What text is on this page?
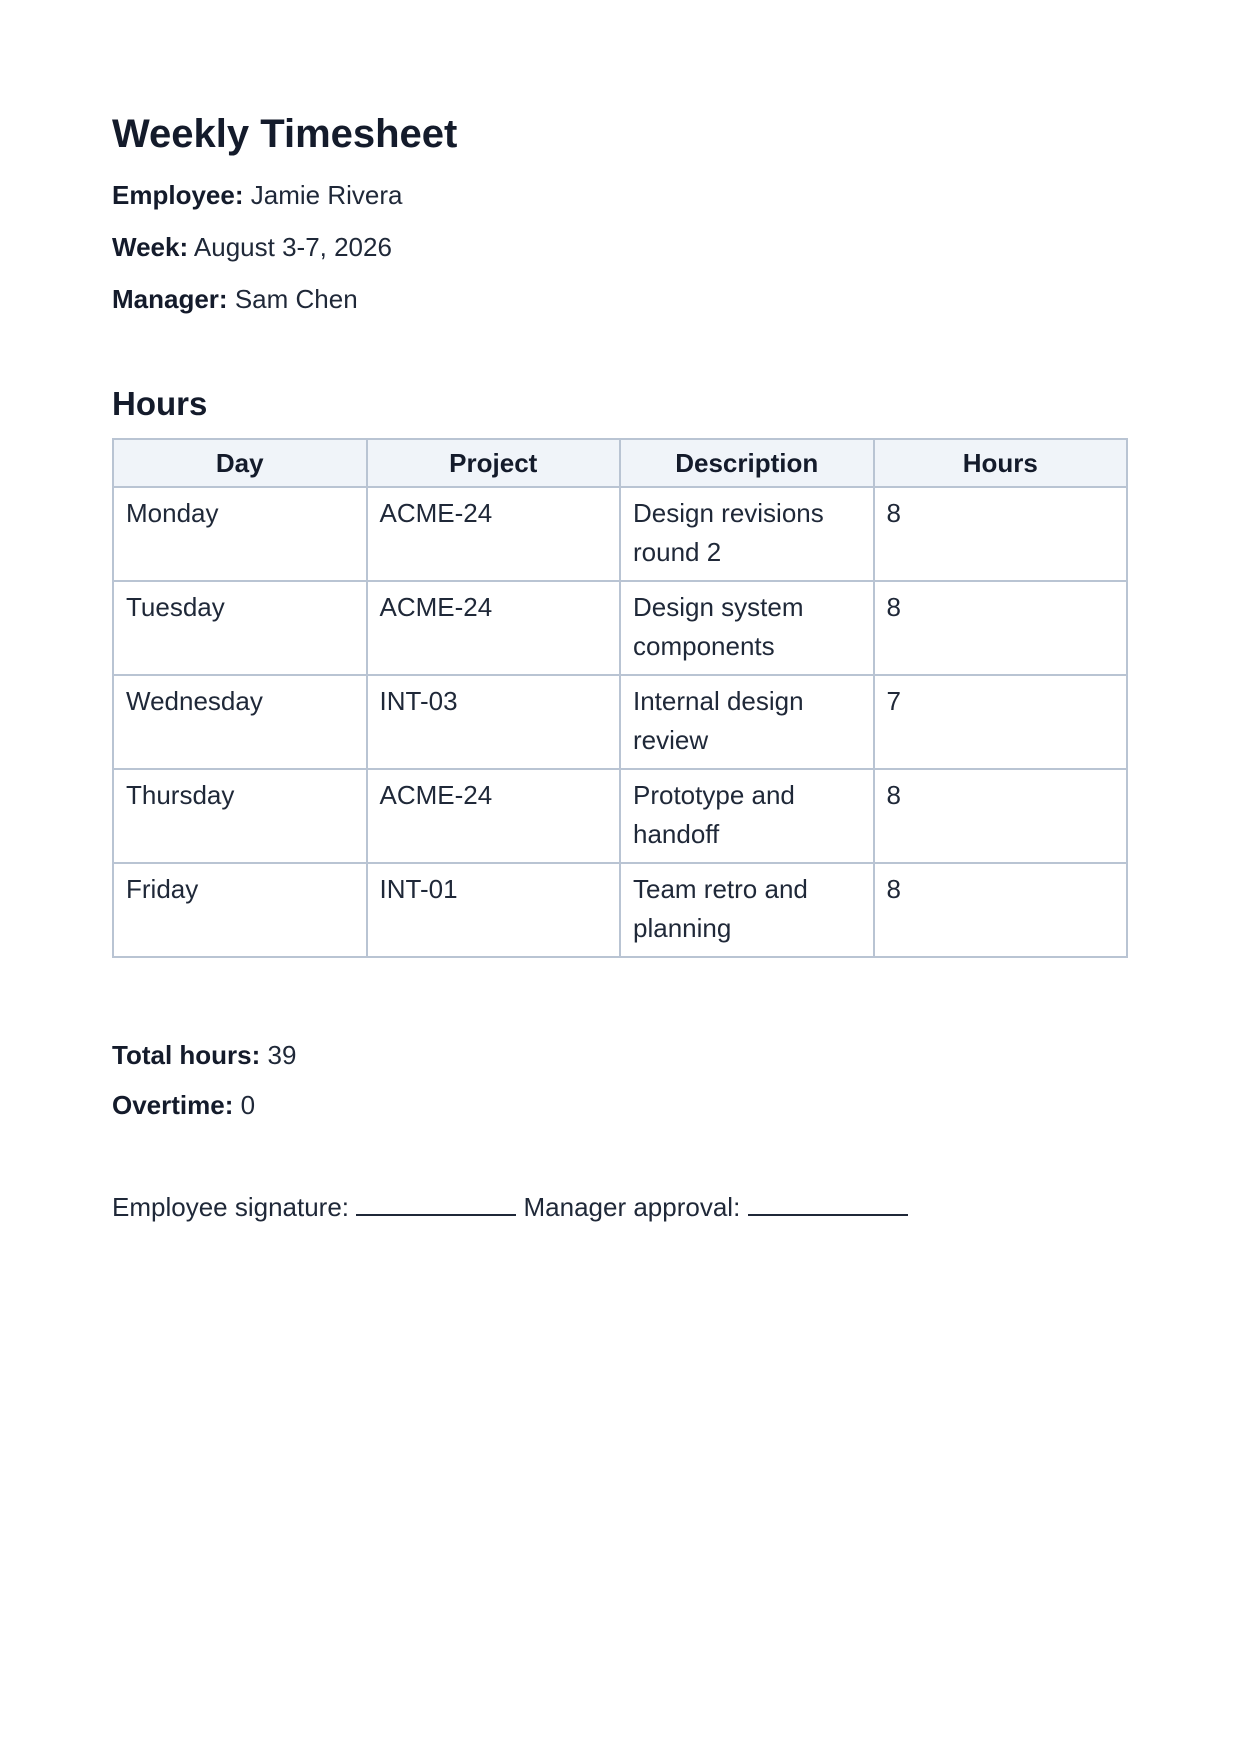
Weekly Timesheet

Employee: Jamie Rivera

Week: August 3-7, 2026

Manager: Sam Chen

Hours
Day	Project	Description	Hours
Monday	ACME-24	Design revisions round 2	8
Tuesday	ACME-24	Design system components	8
Wednesday	INT-03	Internal design review	7
Thursday	ACME-24	Prototype and handoff	8
Friday	INT-01	Team retro and planning	8

Total hours: 39

Overtime: 0

Employee signature:	Manager approval:
